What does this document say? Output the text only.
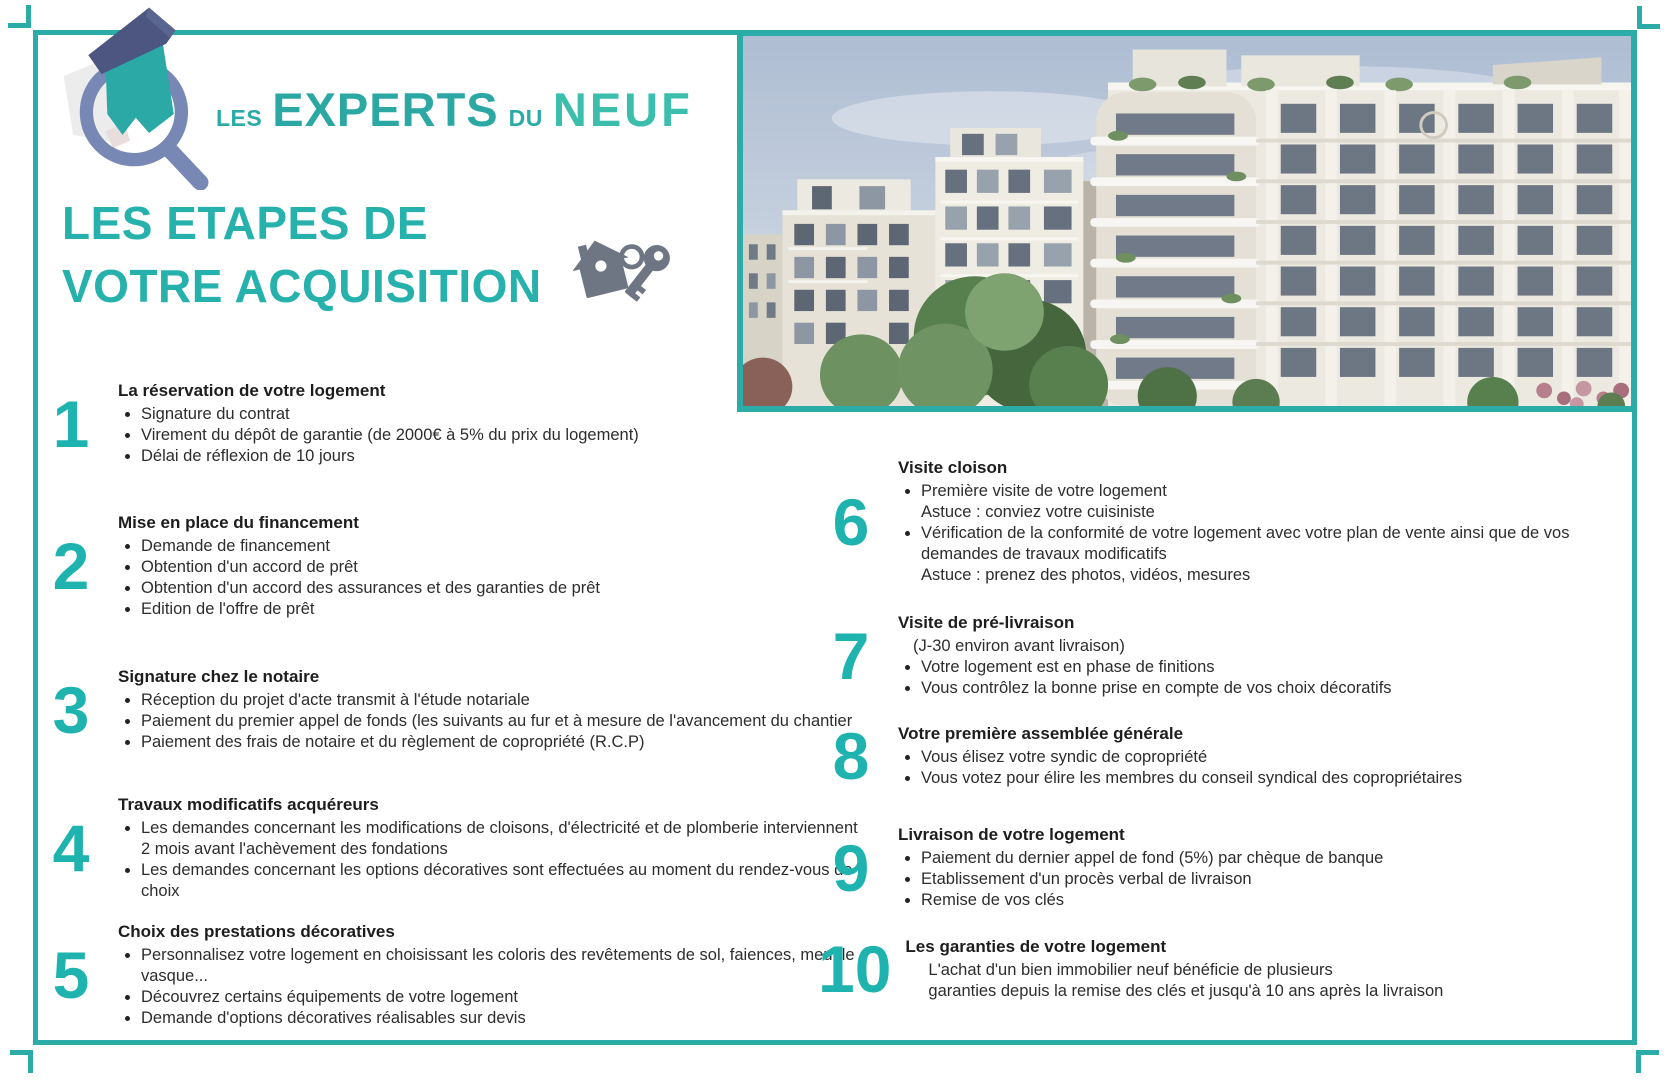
LES EXPERTS DU NEUF
LES ETAPES DE
VOTRE ACQUISITION
1	La réservation de votre logement
Signature du contrat
Virement du dépôt de garantie (de 2000€ à 5% du prix du logement)
Délai de réflexion de 10 jours
2
Mise en place du financement
Demande de financement
Obtention d'un accord de prêt
Obtention d'un accord des assurances et des garanties de prêt
Edition de l'offre de prêt
3	Signature chez le notaire
Réception du projet d'acte transmit à l'étude notariale
Paiement du premier appel de fonds (les suivants au fur et à mesure de l'avancement du chantier
Paiement des frais de notaire et du règlement de copropriété (R.C.P)
4
Travaux modificatifs acquéreurs
Les demandes concernant les modifications de cloisons, d'électricité et de plomberie interviennent 2 mois avant l'achèvement des fondations
Les demandes concernant les options décoratives sont effectuées au moment du rendez-vous de choix
5
Choix des prestations décoratives
Personnalisez votre logement en choisissant les coloris des revêtements de sol, faiences, meuble vasque...
Découvrez certains équipements de votre logement
Demande d'options décoratives réalisables sur devis
6
Visite cloison
Première visite de votre logement
Astuce : conviez votre cuisiniste
Vérification de la conformité de votre logement avec votre plan de vente ainsi que de vos demandes de travaux modificatifs
Astuce : prenez des photos, vidéos, mesures
7	Visite de pré-livraison
(J-30 environ avant livraison)
Votre logement est en phase de finitions
Vous contrôlez la bonne prise en compte de vos choix décoratifs
8	Votre première assemblée générale
Vous élisez votre syndic de copropriété
Vous votez pour élire les membres du conseil syndical des copropriétaires
9	Livraison de votre logement
Paiement du dernier appel de fond (5%) par chèque de banque
Etablissement d'un procès verbal de livraison
Remise de vos clés
10 Les garanties de votre logement
L'achat d'un bien immobilier neuf bénéficie de plusieurs
garanties depuis la remise des clés et jusqu'à 10 ans après la livraison
